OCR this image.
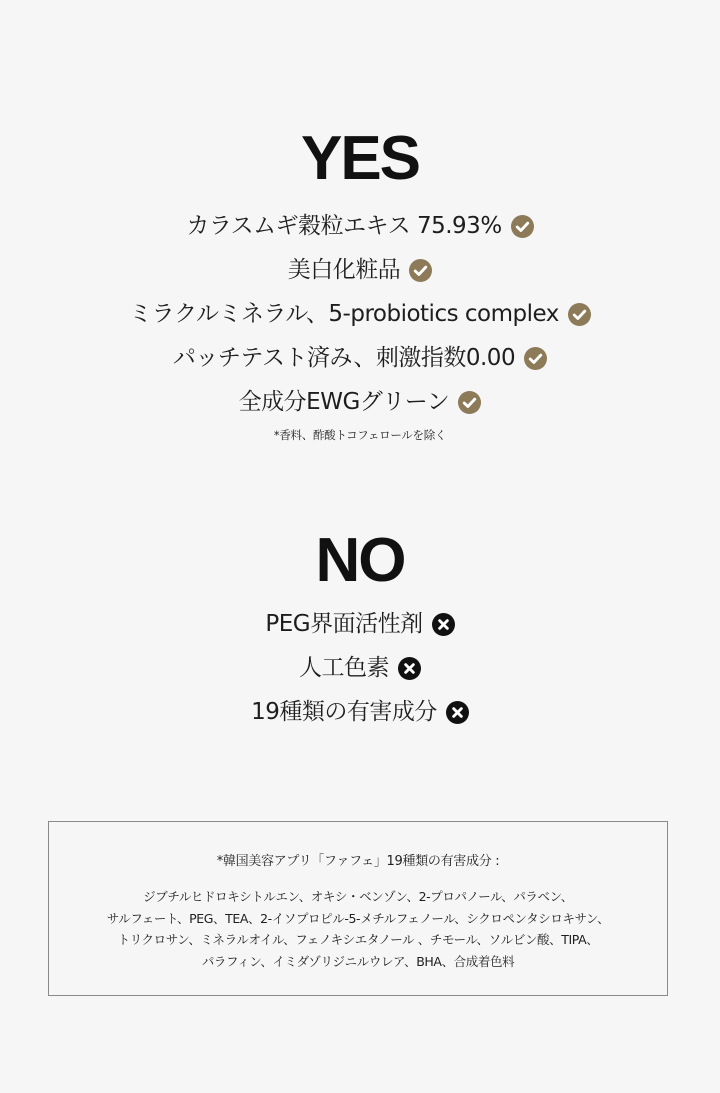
YES
カラスムギ穀粒エキス 75.93%
美白化粧品
ミラクルミネラル、5-probiotics complex
パッチテスト済み、刺激指数0.00
全成分EWGグリーン
*香料、酢酸トコフェロールを除く
NO
PEG界面活性剤
人工色素
19種類の有害成分
*韓国美容アプリ「ファフェ」19種類の有害成分 :
ジブチルヒドロキシトルエン、オキシ・ベンゾン、2-プロパノール、パラベン、
サルフェート、PEG、TEA、2-イソプロピル-5-メチルフェノール、シクロペンタシロキサン、
トリクロサン、ミネラルオイル、フェノキシエタノール 、チモール、ソルビン酸、TIPA、
パラフィン、イミダゾリジニルウレア、BHA、合成着色料
